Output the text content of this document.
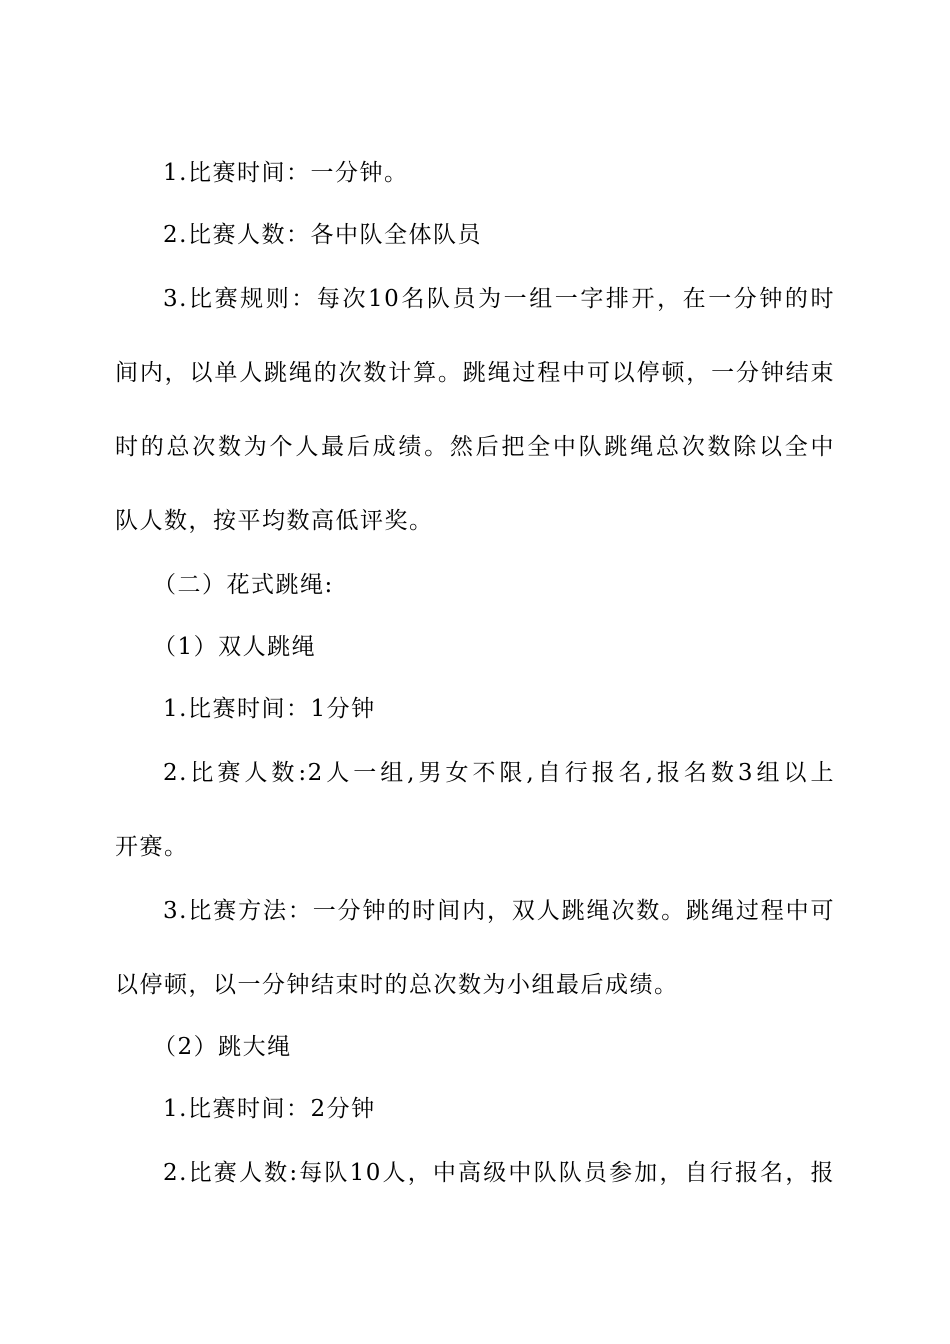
1.比赛时间：一分钟。

2.比赛人数：各中队全体队员

3.比赛规则：每次10名队员为一组一字排开，在一分钟的时

间内，以单人跳绳的次数计算。跳绳过程中可以停顿，一分钟结束

时的总次数为个人最后成绩。然后把全中队跳绳总次数除以全中

队人数，按平均数高低评奖。

（二）花式跳绳:

（1）双人跳绳

1.比赛时间：1分钟

2.比赛人数:2人一组,男女不限,自行报名,报名数3组以上

开赛。

3.比赛方法：一分钟的时间内，双人跳绳次数。跳绳过程中可

以停顿，以一分钟结束时的总次数为小组最后成绩。

（2）跳大绳

1.比赛时间：2分钟

2.比赛人数:每队10人，中高级中队队员参加，自行报名，报
